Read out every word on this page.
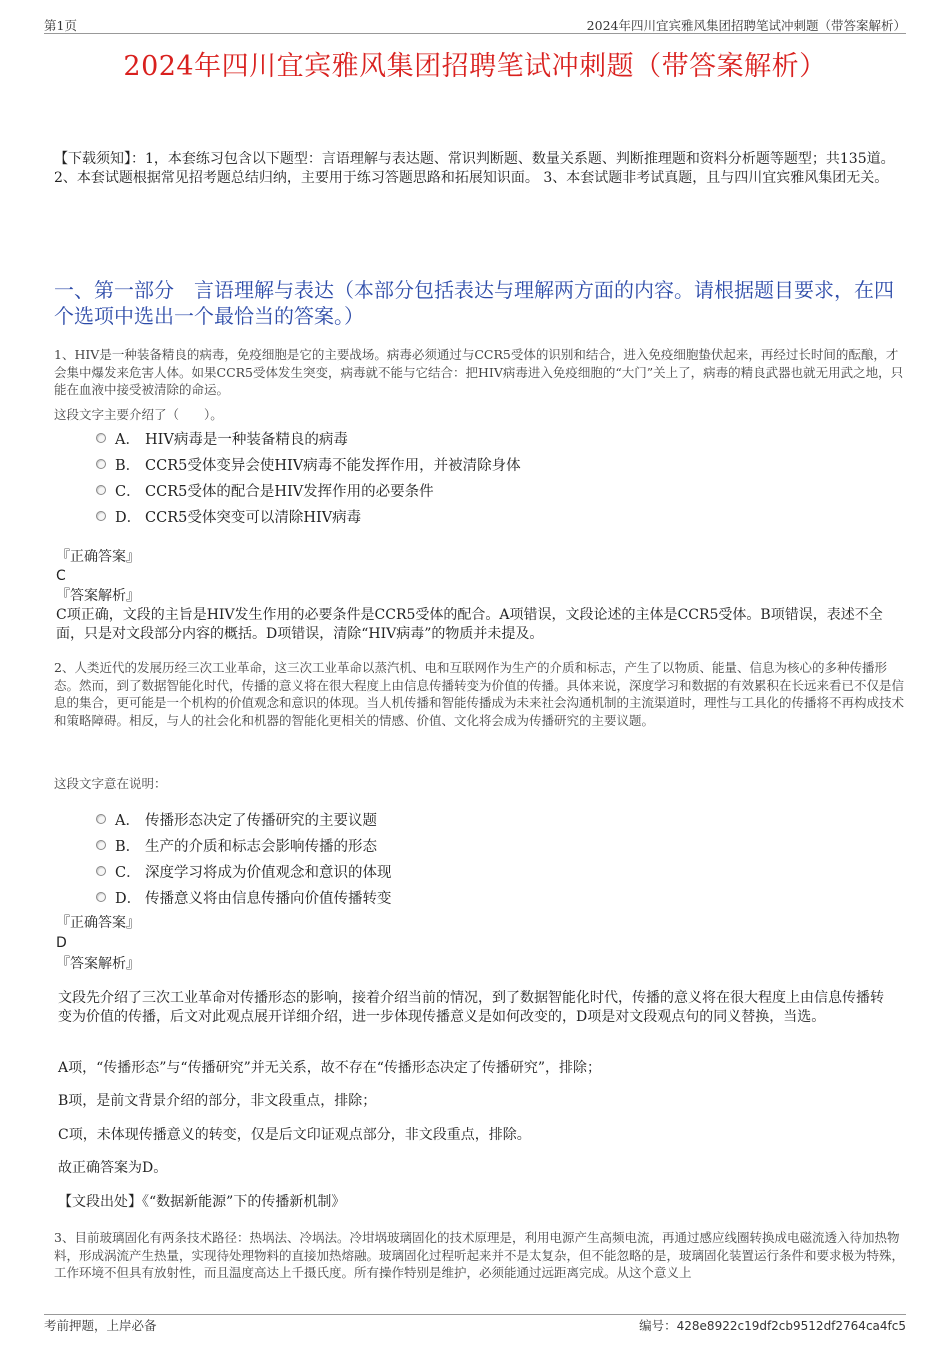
第1页	2024年四川宜宾雅风集团招聘笔试冲刺题（带答案解析）
2024年四川宜宾雅风集团招聘笔试冲刺题（带答案解析）
【下载须知】：1，本套练习包含以下题型：言语理解与表达题、常识判断题、数量关系题、判断推理题和资料分析题等题型；共135道。 2、本套试题根据常见招考题总结归纳，主要用于练习答题思路和拓展知识面。 3、本套试题非考试真题，且与四川宜宾雅风集团无关。
一、第一部分　言语理解与表达（本部分包括表达与理解两方面的内容。请根据题目要求，在四个选项中选出一个最恰当的答案。）
1、HIV是一种装备精良的病毒，免疫细胞是它的主要战场。病毒必须通过与CCR5受体的识别和结合，进入免疫细胞蛰伏起来，再经过长时间的酝酿，才会集中爆发来危害人体。如果CCR5受体发生突变，病毒就不能与它结合：把HIV病毒进入免疫细胞的“大门”关上了，病毒的精良武器也就无用武之地，只能在血液中接受被清除的命运。
这段文字主要介绍了（　　）。
A． HIV病毒是一种装备精良的病毒
B． CCR5受体变异会使HIV病毒不能发挥作用，并被清除身体
C． CCR5受体的配合是HIV发挥作用的必要条件
D． CCR5受体突变可以清除HIV病毒
『正确答案』
C
『答案解析』
C项正确，文段的主旨是HIV发生作用的必要条件是CCR5受体的配合。A项错误，文段论述的主体是CCR5受体。B项错误，表述不全面，只是对文段部分内容的概括。D项错误，清除“HIV病毒”的物质并未提及。
2、人类近代的发展历经三次工业革命，这三次工业革命以蒸汽机、电和互联网作为生产的介质和标志，产生了以物质、能量、信息为核心的多种传播形态。然而，到了数据智能化时代，传播的意义将在很大程度上由信息传播转变为价值的传播。具体来说，深度学习和数据的有效累积在长远来看已不仅是信息的集合，更可能是一个机构的价值观念和意识的体现。当人机传播和智能传播成为未来社会沟通机制的主流渠道时，理性与工具化的传播将不再构成技术和策略障碍。相反，与人的社会化和机器的智能化更相关的情感、价值、文化将会成为传播研究的主要议题。
这段文字意在说明：
A． 传播形态决定了传播研究的主要议题
B． 生产的介质和标志会影响传播的形态
C． 深度学习将成为价值观念和意识的体现
D． 传播意义将由信息传播向价值传播转变
『正确答案』
D
『答案解析』
文段先介绍了三次工业革命对传播形态的影响，接着介绍当前的情况，到了数据智能化时代，传播的意义将在很大程度上由信息传播转变为价值的传播，后文对此观点展开详细介绍，进一步体现传播意义是如何改变的，D项是对文段观点句的同义替换，当选。
A项，“传播形态”与“传播研究”并无关系，故不存在“传播形态决定了传播研究”，排除；
B项，是前文背景介绍的部分，非文段重点，排除；
C项，未体现传播意义的转变，仅是后文印证观点部分，非文段重点，排除。
故正确答案为D。
【文段出处】《“数据新能源”下的传播新机制》
3、目前玻璃固化有两条技术路径：热埚法、冷埚法。冷坩埚玻璃固化的技术原理是，利用电源产生高频电流，再通过感应线圈转换成电磁流透入待加热物料，形成涡流产生热量，实现待处理物料的直接加热熔融。玻璃固化过程听起来并不是太复杂，但不能忽略的是，玻璃固化装置运行条件和要求极为特殊，工作环境不但具有放射性，而且温度高达上千摄氏度。所有操作特别是维护，必须能通过远距离完成。从这个意义上
考前押题，上岸必备	编号：428e8922c19df2cb9512df2764ca4fc5
